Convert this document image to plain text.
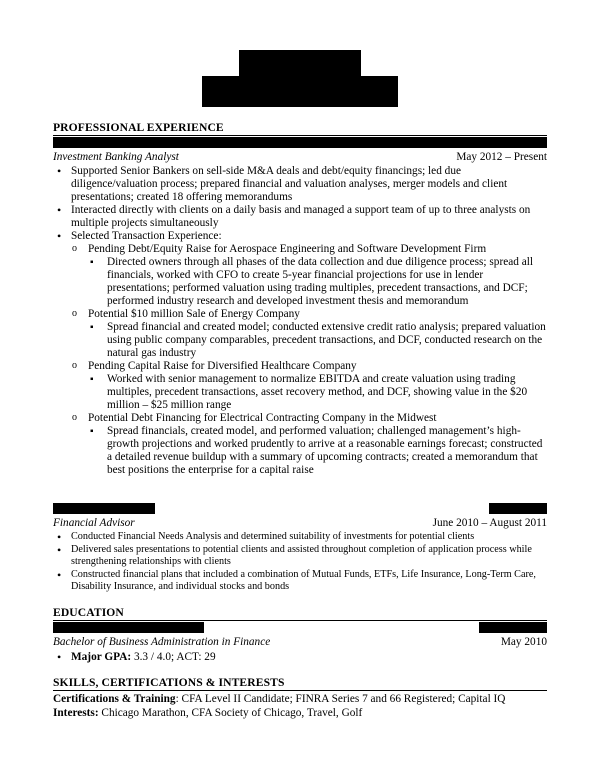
PROFESSIONAL EXPERIENCE
Investment Banking Analyst	May 2012 – Present
• Supported Senior Bankers on sell-side M&A deals and debt/equity financings; led due diligence/valuation process; prepared financial and valuation analyses, merger models and client presentations; created 18 offering memorandums
• Interacted directly with clients on a daily basis and managed a support team of up to three analysts on multiple projects simultaneously
• Selected Transaction Experience:
o Pending Debt/Equity Raise for Aerospace Engineering and Software Development Firm
▪ Directed owners through all phases of the data collection and due diligence process; spread all financials, worked with CFO to create 5-year financial projections for use in lender presentations; performed valuation using trading multiples, precedent transactions, and DCF; performed industry research and developed investment thesis and memorandum
o Potential $10 million Sale of Energy Company
▪ Spread financial and created model; conducted extensive credit ratio analysis; prepared valuation using public company comparables, precedent transactions, and DCF, conducted research on the natural gas industry
o Pending Capital Raise for Diversified Healthcare Company
▪ Worked with senior management to normalize EBITDA and create valuation using trading multiples, precedent transactions, asset recovery method, and DCF, showing value in the $20 million – $25 million range
o Potential Debt Financing for Electrical Contracting Company in the Midwest
▪ Spread financials, created model, and performed valuation; challenged management’s high-growth projections and worked prudently to arrive at a reasonable earnings forecast; constructed a detailed revenue buildup with a summary of upcoming contracts; created a memorandum that best positions the enterprise for a capital raise
Financial Advisor	June 2010 – August 2011
• Conducted Financial Needs Analysis and determined suitability of investments for potential clients
• Delivered sales presentations to potential clients and assisted throughout completion of application process while strengthening relationships with clients
• Constructed financial plans that included a combination of Mutual Funds, ETFs, Life Insurance, Long-Term Care, Disability Insurance, and individual stocks and bonds
EDUCATION
Bachelor of Business Administration in Finance	May 2010
• Major GPA: 3.3 / 4.0; ACT: 29
SKILLS, CERTIFICATIONS & INTERESTS
Certifications & Training: CFA Level II Candidate; FINRA Series 7 and 66 Registered; Capital IQ
Interests: Chicago Marathon, CFA Society of Chicago, Travel, Golf
